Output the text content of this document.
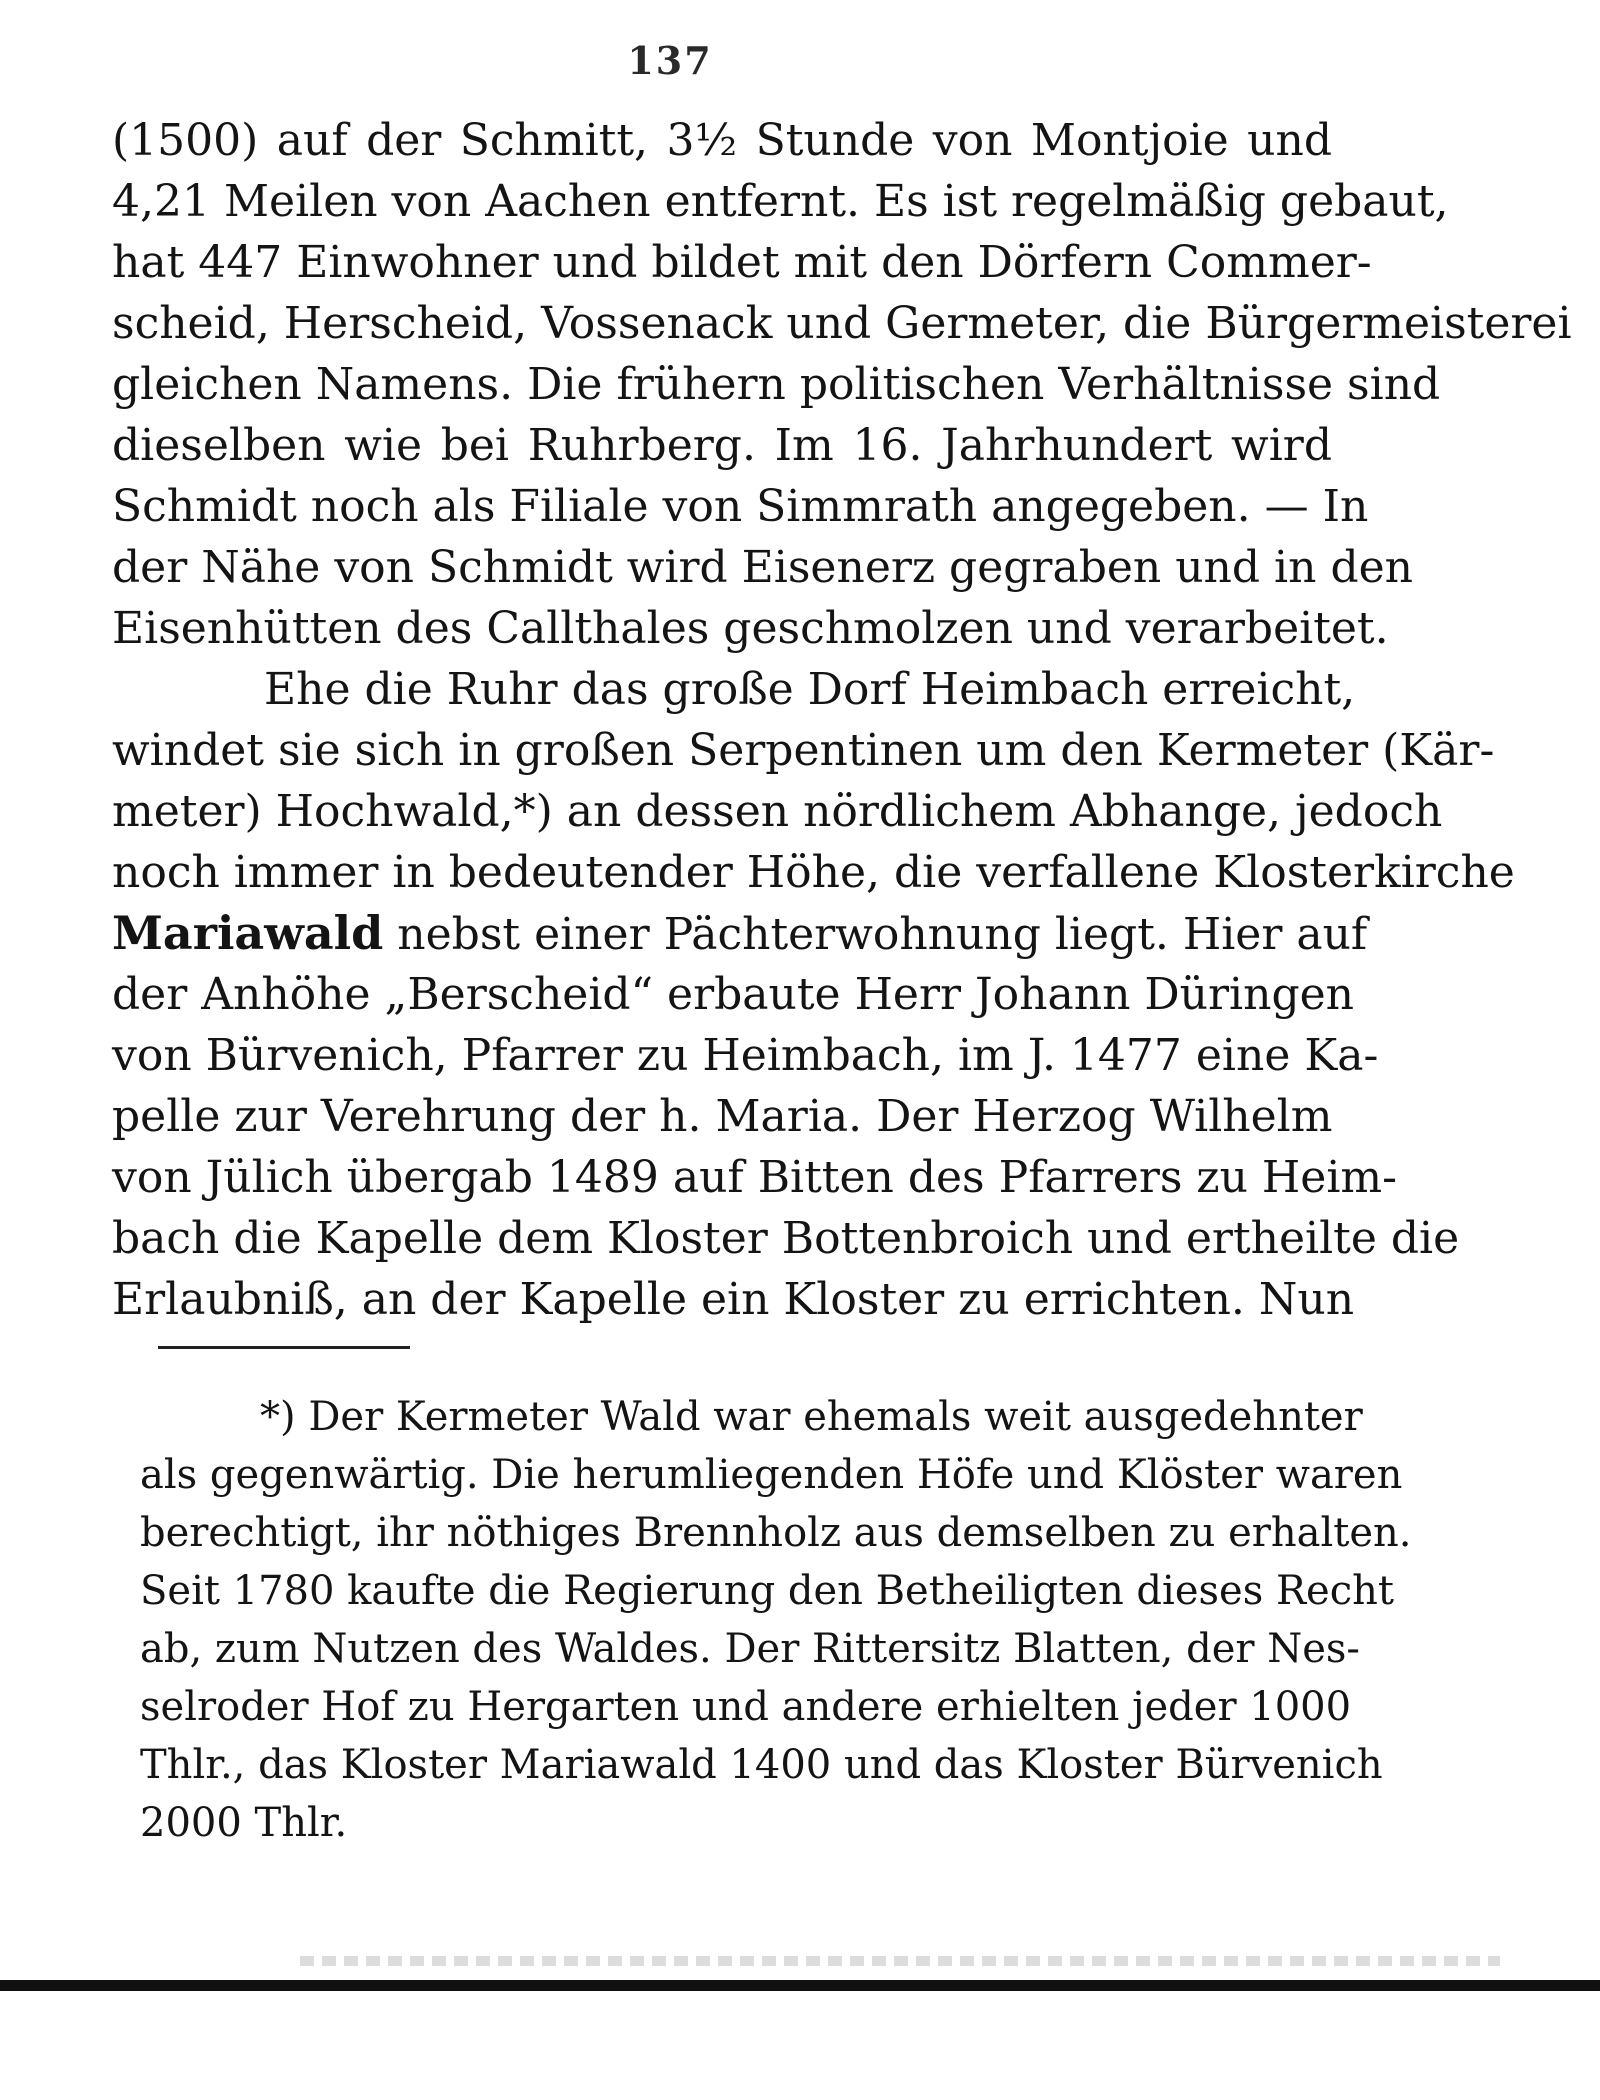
137
(1500) auf der Schmitt, 3½ Stunde von Montjoie und
4,21 Meilen von Aachen entfernt. Es ist regelmäßig gebaut,
hat 447 Einwohner und bildet mit den Dörfern Commer-
scheid, Herscheid, Vossenack und Germeter, die Bürgermeisterei
gleichen Namens. Die frühern politischen Verhältnisse sind
dieselben wie bei Ruhrberg. Im 16. Jahrhundert wird
Schmidt noch als Filiale von Simmrath angegeben. — In
der Nähe von Schmidt wird Eisenerz gegraben und in den
Eisenhütten des Callthales geschmolzen und verarbeitet.
Ehe die Ruhr das große Dorf Heimbach erreicht,
windet sie sich in großen Serpentinen um den Kermeter (Kär-
meter) Hochwald,*) an dessen nördlichem Abhange, jedoch
noch immer in bedeutender Höhe, die verfallene Klosterkirche
Mariawald nebst einer Pächterwohnung liegt. Hier auf
der Anhöhe „Berscheid“ erbaute Herr Johann Düringen
von Bürvenich, Pfarrer zu Heimbach, im J. 1477 eine Ka-
pelle zur Verehrung der h. Maria. Der Herzog Wilhelm
von Jülich übergab 1489 auf Bitten des Pfarrers zu Heim-
bach die Kapelle dem Kloster Bottenbroich und ertheilte die
Erlaubniß, an der Kapelle ein Kloster zu errichten. Nun
*) Der Kermeter Wald war ehemals weit ausgedehnter
als gegenwärtig. Die herumliegenden Höfe und Klöster waren
berechtigt, ihr nöthiges Brennholz aus demselben zu erhalten.
Seit 1780 kaufte die Regierung den Betheiligten dieses Recht
ab, zum Nutzen des Waldes. Der Rittersitz Blatten, der Nes-
selroder Hof zu Hergarten und andere erhielten jeder 1000
Thlr., das Kloster Mariawald 1400 und das Kloster Bürvenich
2000 Thlr.
